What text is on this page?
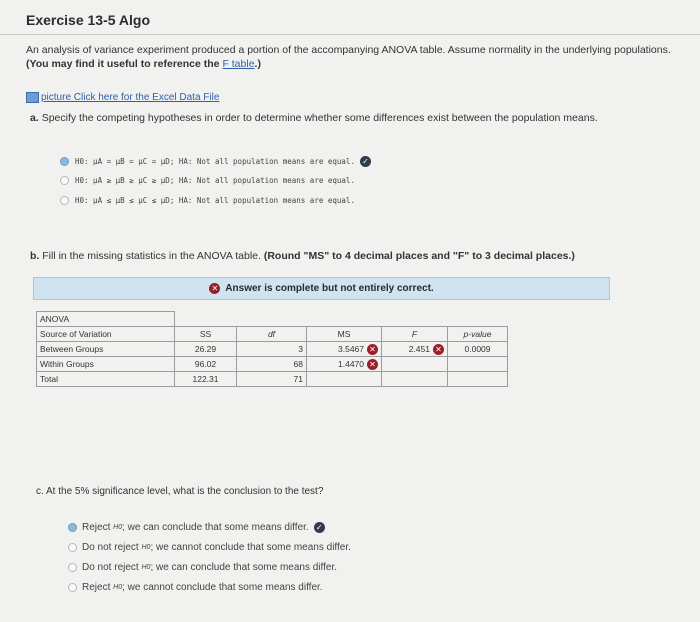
Exercise 13-5 Algo
An analysis of variance experiment produced a portion of the accompanying ANOVA table. Assume normality in the underlying populations. (You may find it useful to reference the F table.)
picture Click here for the Excel Data File
a. Specify the competing hypotheses in order to determine whether some differences exist between the population means.
H0: μA = μB = μC = μD; HA: Not all population means are equal. ✓
H0: μA ≥ μB ≥ μC ≥ μD; HA: Not all population means are equal.
H0: μA ≤ μB ≤ μC ≤ μD; HA: Not all population means are equal.
b. Fill in the missing statistics in the ANOVA table. (Round "MS" to 4 decimal places and "F" to 3 decimal places.)
✕ Answer is complete but not entirely correct.
ANOVA					
Source of Variation	SS	df	MS	F	p-value
Between Groups	26.29	3	3.5467 ✕	2.451 ✕	0.0009
Within Groups	96.02	68	1.4470 ✕		

Total	122.31	71			
c. At the 5% significance level, what is the conclusion to the test?
Reject
H0 ; we can conclude that some means differ. ✓
Do not reject
H0 ; we cannot conclude that some means differ.
Do not reject
H0 ; we can conclude that some means differ.
Reject
H0 ; we cannot conclude that some means differ.
